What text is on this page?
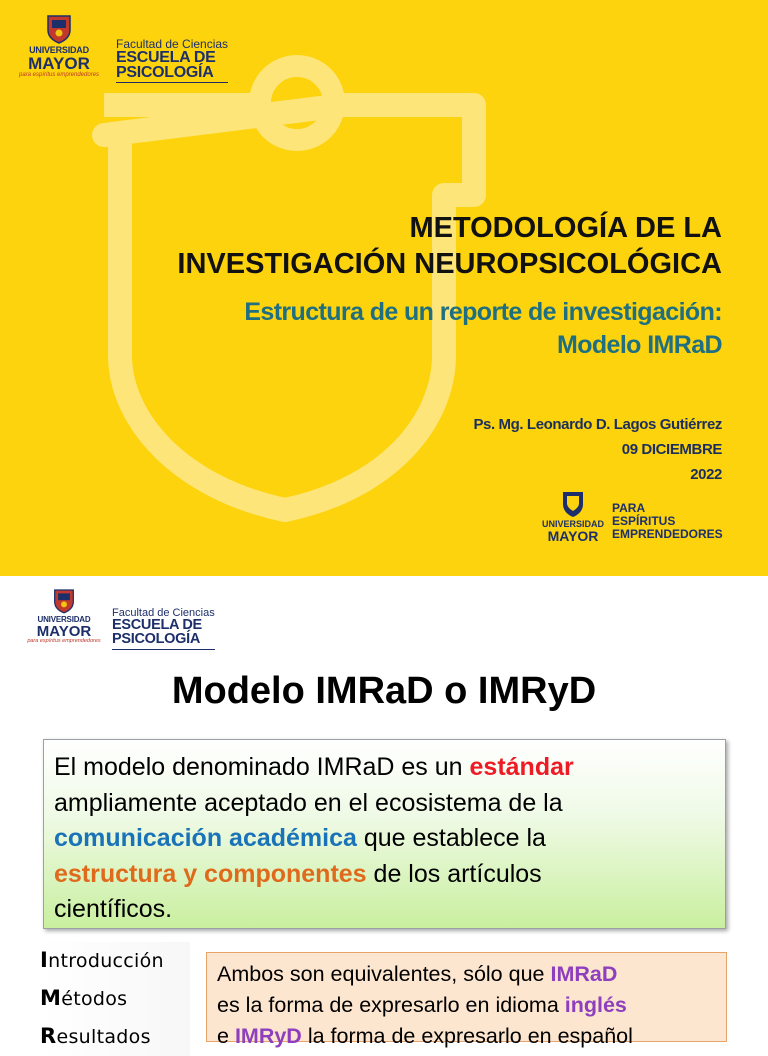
UNIVERSIDAD
MAYOR
para espíritus emprendedores
Facultad de Ciencias
ESCUELA DE
PSICOLOGÍA
METODOLOGÍA DE LA
INVESTIGACIÓN NEUROPSICOLÓGICA
Estructura de un reporte de investigación:
Modelo IMRaD
Ps. Mg. Leonardo D. Lagos Gutiérrez
09 DICIEMBRE
2022
UNIVERSIDAD
MAYOR
PARA
ESPÍRITUS
EMPRENDEDORES
UNIVERSIDAD
MAYOR
para espíritus emprendedores
Facultad de Ciencias
ESCUELA DE
PSICOLOGÍA
Modelo IMRaD o IMRyD
El modelo denominado IMRaD es un estándar
ampliamente aceptado en el ecosistema de la
comunicación académica que establece la
estructura y componentes de los artículos
científicos.
Introducción
Métodos
Resultados
Ambos son equivalentes, sólo que IMRaD
es la forma de expresarlo en idioma inglés
e IMRyD la forma de expresarlo en español
